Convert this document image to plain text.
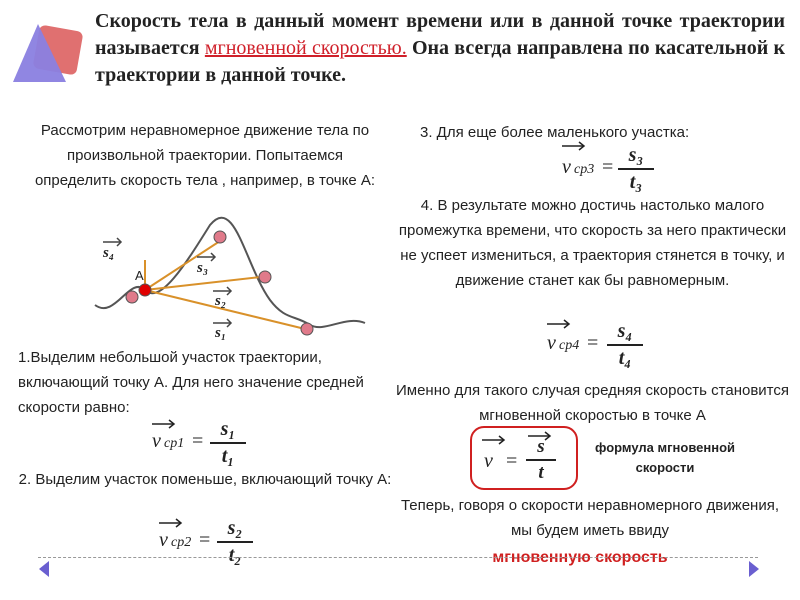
Скорость тела в данный момент времени или в данной точке траектории называется мгновенной скоростью. Она всегда направлена по касательной к траектории в данной точке.
Рассмотрим неравномерное движение тела по произвольной траектории. Попытаемся определить скорость тела , например, в точке А:
А
s₄
s₃
s₂
s₁
1.Выделим небольшой участок траектории, включающий точку А. Для него значение средней скорости равно:
v ср1 =
s₁
t₁
2. Выделим участок поменьше, включающий точку А:
v ср2 =
s₂
t₂
3. Для еще более маленького участка:
v ср3 =
s₃
t₃
4. В результате можно достичь настолько малого промежутка времени, что скорость за него практически не успеет измениться, а траектория стянется в точку, и движение станет как бы равномерным.
v ср4 =
s₄
t₄
Именно для такого случая средняя скорость становится мгновенной скоростью в точке А
v =
s
t
формула мгновенной скорости
Теперь, говоря о скорости неравномерного движения, мы будем иметь ввиду
мгновенную скорость
